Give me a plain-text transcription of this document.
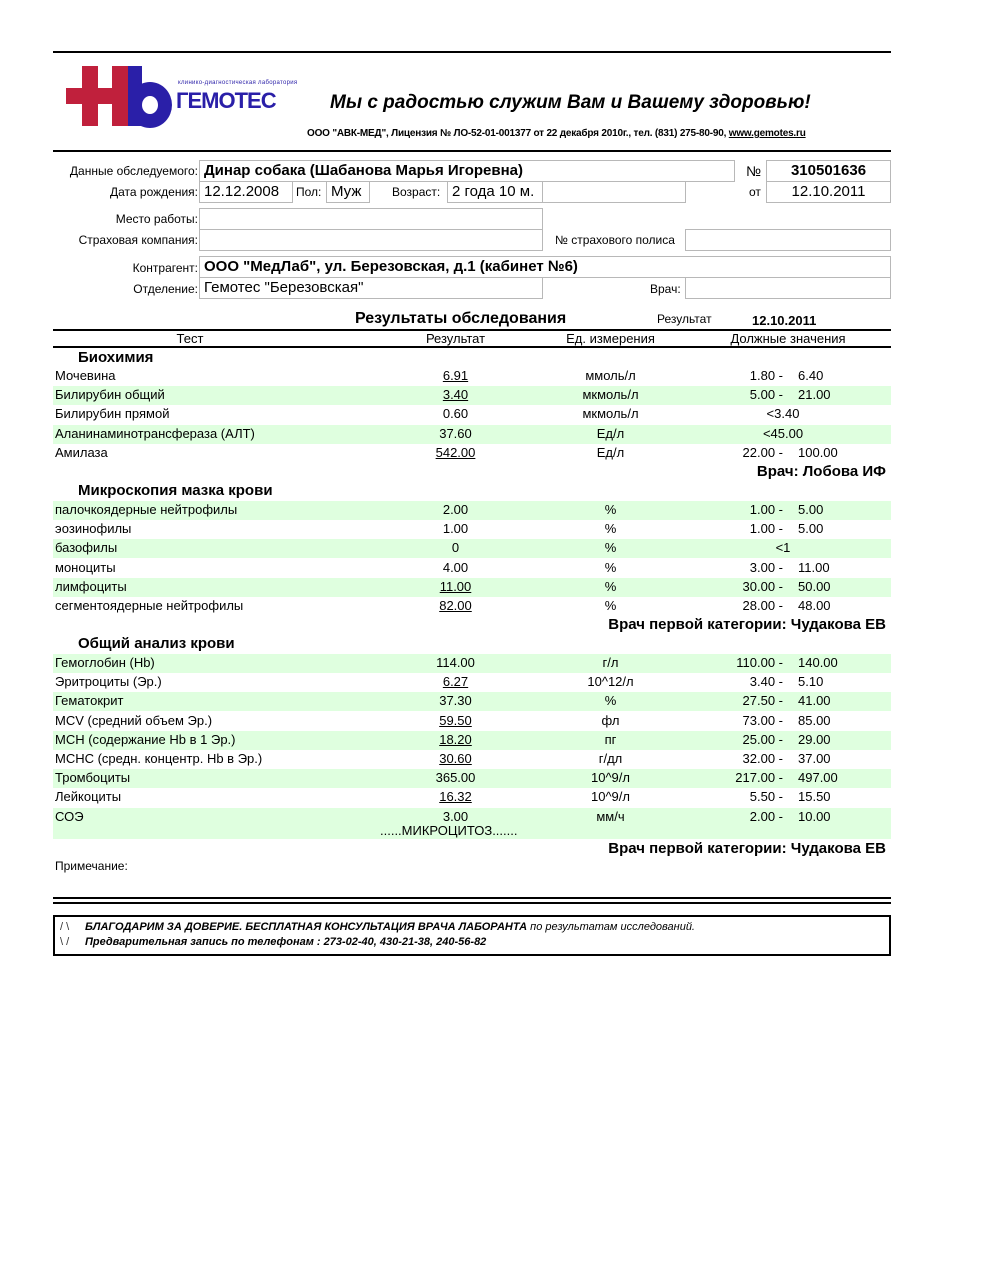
клинико-диагностическая лаборатория
ГЕМОТЕС	Мы с радостью служим Вам и Вашему здоровью!
ООО "АВК-МЕД", Лицензия № ЛО-52-01-001377 от 22 декабря 2010г., тел. (831) 275-80-90, www.gemotes.ru
Данные обследуемого: Динар собака (Шабанова Марья Игоревна)	№	310501636
Дата рождения: 12.12.2008	Пол: Муж	Возраст: 2 года 10 м.	от	12.10.2011
Место работы:
Страховая компания:	№ страхового полиса
Контрагент: ООО "МедЛаб", ул. Березовская, д.1 (кабинет №6)
Отделение: Гемотес "Березовская"	Врач:
Результаты обследования	Результат	12.10.2011
Тест	Результат	Ед. измерения	Должные значения
Биохимия
Мочевина	6.91	ммоль/л	1.80 - 6.40
Билирубин общий	3.40	мкмоль/л	5.00 - 21.00
Билирубин прямой	0.60	мкмоль/л	<3.40
Аланинаминотрансфераза (АЛТ)	37.60	Ед/л	<45.00
Амилаза	542.00	Ед/л	22.00 - 100.00
Врач: Лобова ИФ
Микроскопия мазка крови
палочкоядерные нейтрофилы	2.00	%	1.00 - 5.00
эозинофилы	1.00	%	1.00 - 5.00
базофилы	0	%	<1
моноциты	4.00	%	3.00 - 11.00
лимфоциты	11.00	%	30.00 - 50.00
сегментоядерные нейтрофилы	82.00	%	28.00 - 48.00
Врач первой категории: Чудакова ЕВ
Общий анализ крови
Гемоглобин (Hb)	114.00	г/л	110.00 - 140.00
Эритроциты (Эр.)	6.27	10^12/л	3.40 - 5.10
Гематокрит	37.30	%	27.50 - 41.00
MCV (средний объем Эр.)	59.50	фл	73.00 - 85.00
MCH (содержание Hb в 1 Эр.)	18.20	пг	25.00 - 29.00
MCHC (средн. концентр. Hb в Эр.)	30.60	г/дл	32.00 - 37.00
Тромбоциты	365.00	10^9/л	217.00 - 497.00
Лейкоциты	16.32	10^9/л	5.50 - 15.50
СОЭ	3.00	мм/ч	2.00 - 10.00
......МИКРОЦИТОЗ.......
Врач первой категории: Чудакова ЕВ
Примечание:
/ \
\ /
БЛАГОДАРИМ ЗА ДОВЕРИЕ. БЕСПЛАТНАЯ КОНСУЛЬТАЦИЯ ВРАЧА ЛАБОРАНТА по результатам исследований.
Предварительная запись по телефонам : 273-02-40, 430-21-38, 240-56-82
